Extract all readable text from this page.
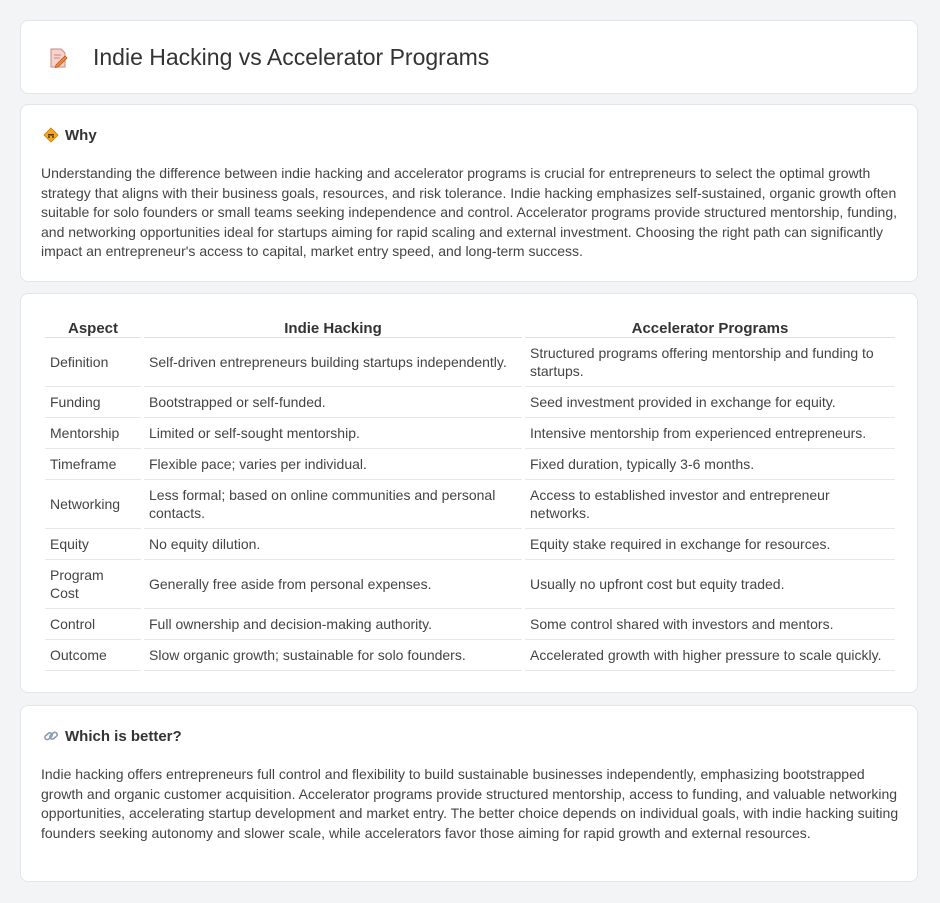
Indie Hacking vs Accelerator Programs
Why

Understanding the difference between indie hacking and accelerator programs is crucial for entrepreneurs to select the optimal growth strategy that aligns with their business goals, resources, and risk tolerance. Indie hacking emphasizes self-sustained, organic growth often suitable for solo founders or small teams seeking independence and control. Accelerator programs provide structured mentorship, funding, and networking opportunities ideal for startups aiming for rapid scaling and external investment. Choosing the right path can significantly impact an entrepreneur's access to capital, market entry speed, and long-term success.

Aspect	Indie Hacking	Accelerator Programs
Definition	Self-driven entrepreneurs building startups independently.	Structured programs offering mentorship and funding to startups.
Funding	Bootstrapped or self-funded.	Seed investment provided in exchange for equity.
Mentorship	Limited or self-sought mentorship.	Intensive mentorship from experienced entrepreneurs.
Timeframe	Flexible pace; varies per individual.	Fixed duration, typically 3-6 months.
Networking	Less formal; based on online communities and personal contacts.	Access to established investor and entrepreneur networks.
Equity	No equity dilution.	Equity stake required in exchange for resources.
Program Cost	Generally free aside from personal expenses.	Usually no upfront cost but equity traded.
Control	Full ownership and decision-making authority.	Some control shared with investors and mentors.
Outcome	Slow organic growth; sustainable for solo founders.	Accelerated growth with higher pressure to scale quickly.
Which is better?

Indie hacking offers entrepreneurs full control and flexibility to build sustainable businesses independently, emphasizing bootstrapped growth and organic customer acquisition. Accelerator programs provide structured mentorship, access to funding, and valuable networking opportunities, accelerating startup development and market entry. The better choice depends on individual goals, with indie hacking suiting founders seeking autonomy and slower scale, while accelerators favor those aiming for rapid growth and external resources.
